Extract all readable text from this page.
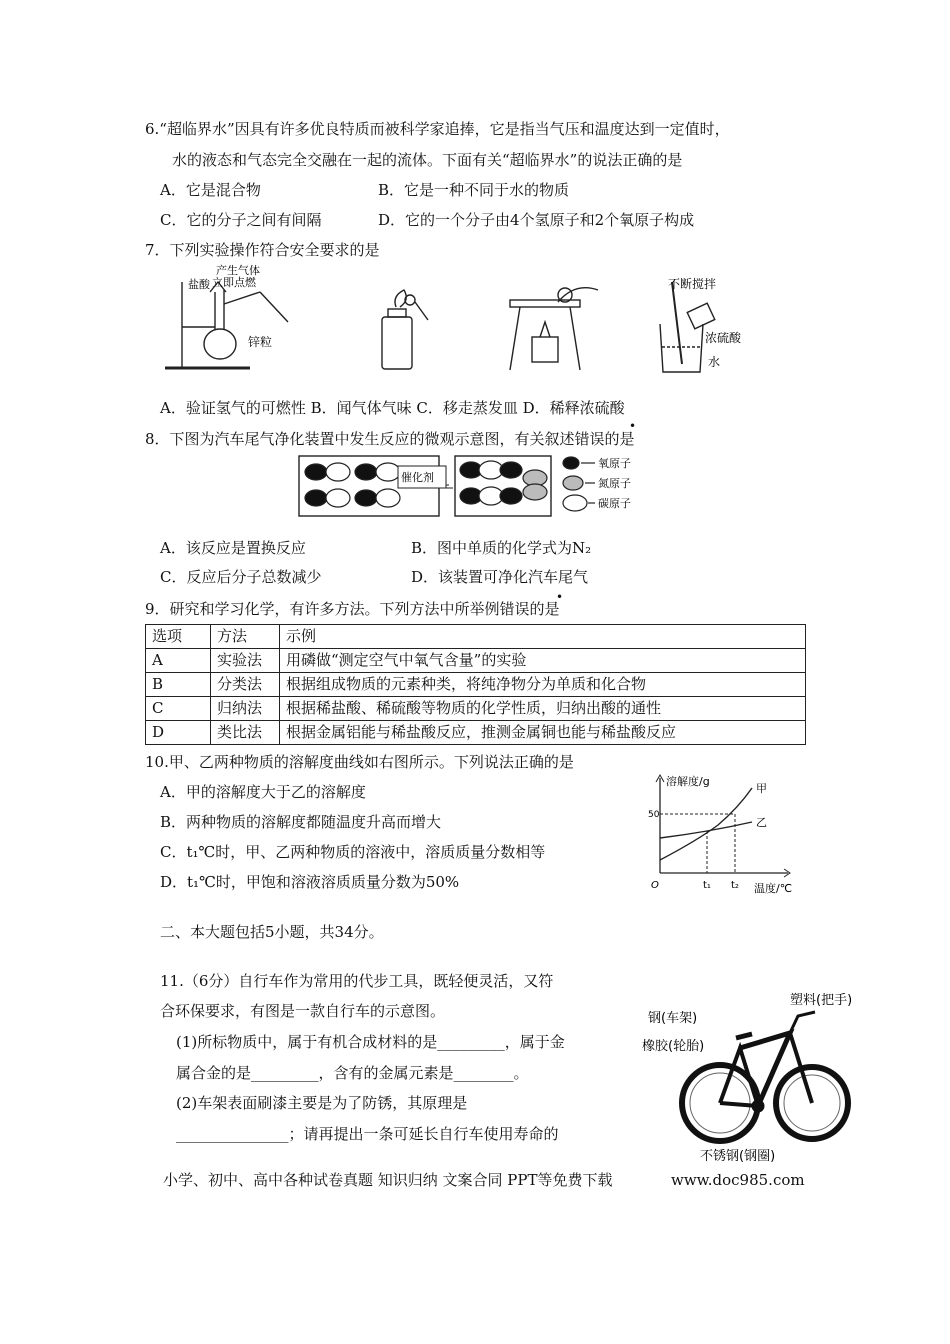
6.“超临界水”因具有许多优良特质而被科学家追捧，它是指当气压和温度达到一定值时，
水的液态和气态完全交融在一起的流体。下面有关“超临界水”的说法正确的是
A．它是混合物	B．它是一种不同于水的物质
C．它的分子之间有间隔	D．它的一个分子由4个氢原子和2个氧原子构成
7．下列实验操作符合安全要求的是
产生气体
立即点燃
盐酸
锌粒
不断搅拌
浓硫酸
水
A．验证氢气的可燃性 B．闻气体气味 C．移走蒸发皿 D．稀释浓硫酸
•
8．下图为汽车尾气净化装置中发生反应的微观示意图，有关叙述错误的是
催化剂
氧原子
氮原子
碳原子
A．该反应是置换反应	B．图中单质的化学式为N₂
C．反应后分子总数减少	D．该装置可净化汽车尾气
•
9．研究和学习化学，有许多方法。下列方法中所举例错误的是
选项	方法	示例
A	实验法	用磷做“测定空气中氧气含量”的实验
B	分类法	根据组成物质的元素种类，将纯净物分为单质和化合物
C	归纳法	根据稀盐酸、稀硫酸等物质的化学性质，归纳出酸的通性
D	类比法	根据金属铝能与稀盐酸反应，推测金属铜也能与稀盐酸反应
10.甲、乙两种物质的溶解度曲线如右图所示。下列说法正确的是
A．甲的溶解度大于乙的溶解度
B．两种物质的溶解度都随温度升高而增大
C．t₁℃时，甲、乙两种物质的溶液中，溶质质量分数相等
D．t₁℃时，甲饱和溶液溶质质量分数为50%
溶解度/g
温度/℃
O
50
甲
乙
t₁ t₂
二、本大题包括5小题，共34分。
11.（6分）自行车作为常用的代步工具，既轻便灵活，又符
合环保要求，有图是一款自行车的示意图。
(1)所标物质中，属于有机合成材料的是_________，属于金
属合金的是_________，含有的金属元素是________。
(2)车架表面刷漆主要是为了防锈，其原理是
_______________；请再提出一条可延长自行车使用寿命的
塑料(把手)
钢(车架)
橡胶(轮胎)
不锈钢(钢圈)
小学、初中、高中各种试卷真题 知识归纳 文案合同 PPT等免费下载	www.doc985.com
